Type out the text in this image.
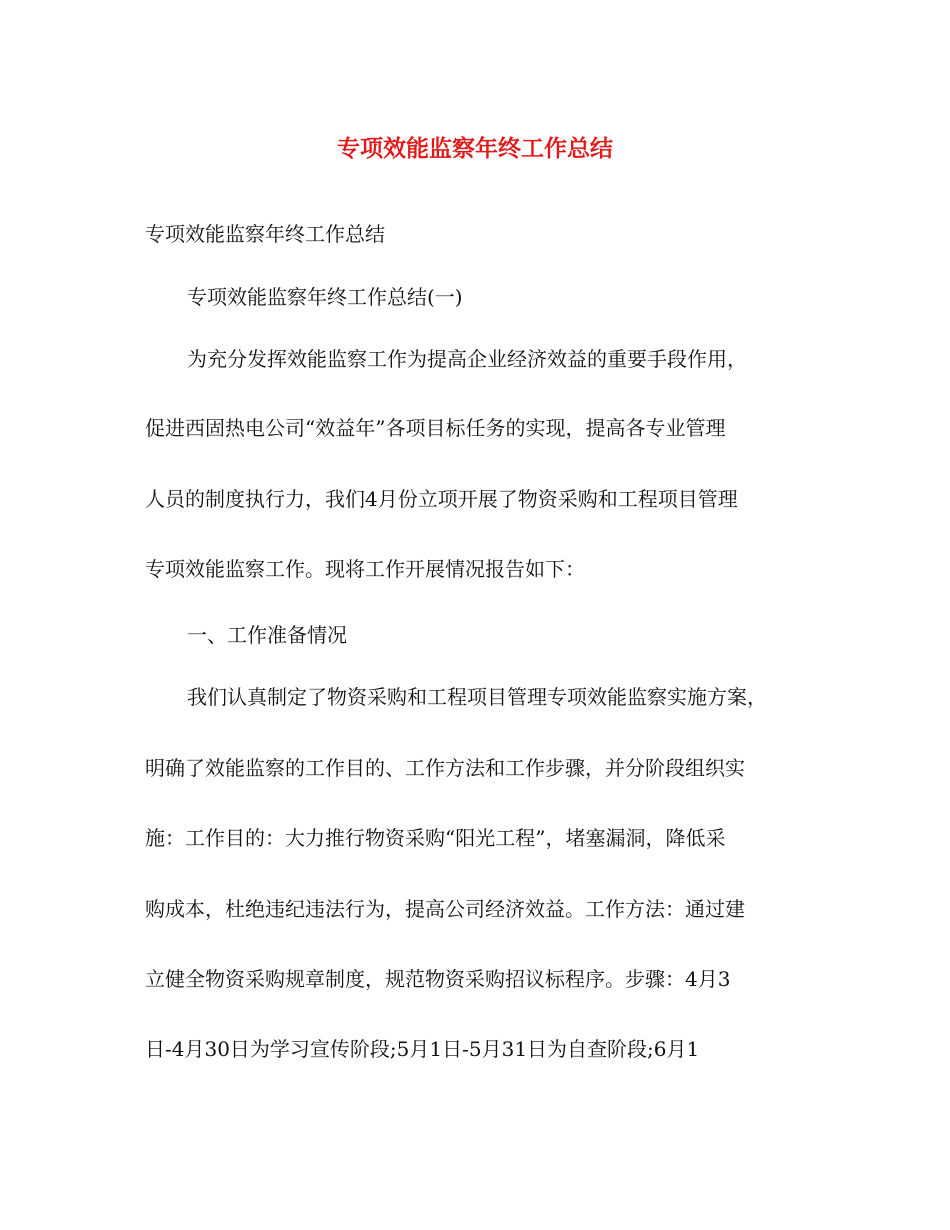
专项效能监察年终工作总结

专项效能监察年终工作总结

专项效能监察年终工作总结(一)

为充分发挥效能监察工作为提高企业经济效益的重要手段作用，

促进西固热电公司“效益年”各项目标任务的实现，提高各专业管理

人员的制度执行力，我们4月份立项开展了物资采购和工程项目管理

专项效能监察工作。现将工作开展情况报告如下：

一、工作准备情况

我们认真制定了物资采购和工程项目管理专项效能监察实施方案，

明确了效能监察的工作目的、工作方法和工作步骤，并分阶段组织实

施：工作目的：大力推行物资采购“阳光工程”，堵塞漏洞，降低采

购成本，杜绝违纪违法行为，提高公司经济效益。工作方法：通过建

立健全物资采购规章制度，规范物资采购招议标程序。步骤：4月3

日-4月30日为学习宣传阶段;5月1日-5月31日为自查阶段;6月1
